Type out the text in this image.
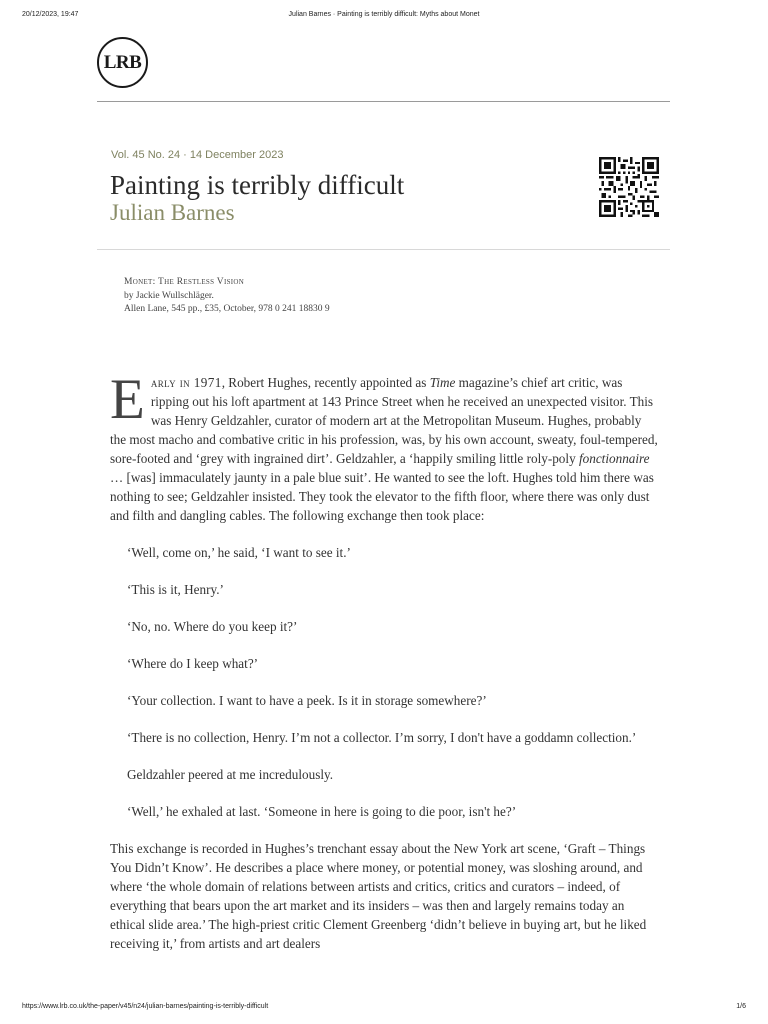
20/12/2023, 19:47	Julian Barnes · Painting is terribly difficult: Myths about Monet
LRB
Vol. 45 No. 24 · 14 December 2023
Painting is terribly difficult
Julian Barnes
Monet: The Restless Vision
by Jackie Wullschläger.
Allen Lane, 545 pp., £35, October, 978 0 241 18830 9

Early in 1971, Robert Hughes, recently appointed as Time magazine’s chief art critic, was ripping out his loft apartment at 143 Prince Street when he received an unexpected visitor. This was Henry Geldzahler, curator of modern art at the Metropolitan Museum. Hughes, probably the most macho and combative critic in his profession, was, by his own account, sweaty, foul-tempered, sore-footed and ‘grey with ingrained dirt’. Geldzahler, a ‘happily smiling little roly-poly fonctionnaire … [was] immaculately jaunty in a pale blue suit’. He wanted to see the loft. Hughes told him there was nothing to see; Geldzahler insisted. They took the elevator to the fifth floor, where there was only dust and filth and dangling cables. The following exchange then took place:

‘Well, come on,’ he said, ‘I want to see it.’

‘This is it, Henry.’

‘No, no. Where do you keep it?’

‘Where do I keep what?’

‘Your collection. I want to have a peek. Is it in storage somewhere?’

‘There is no collection, Henry. I’m not a collector. I’m sorry, I don't have a goddamn collection.’

Geldzahler peered at me incredulously.

‘Well,’ he exhaled at last. ‘Someone in here is going to die poor, isn't he?’

This exchange is recorded in Hughes’s trenchant essay about the New York art scene, ‘Graft – Things You Didn’t Know’. He describes a place where money, or potential money, was sloshing around, and where ‘the whole domain of relations between artists and critics, critics and curators – indeed, of everything that bears upon the art market and its insiders – was then and largely remains today an ethical slide area.’ The high-priest critic Clement Greenberg ‘didn’t believe in buying art, but he liked receiving it,’ from artists and art dealers

https://www.lrb.co.uk/the-paper/v45/n24/julian-barnes/painting-is-terribly-difficult	1/6
